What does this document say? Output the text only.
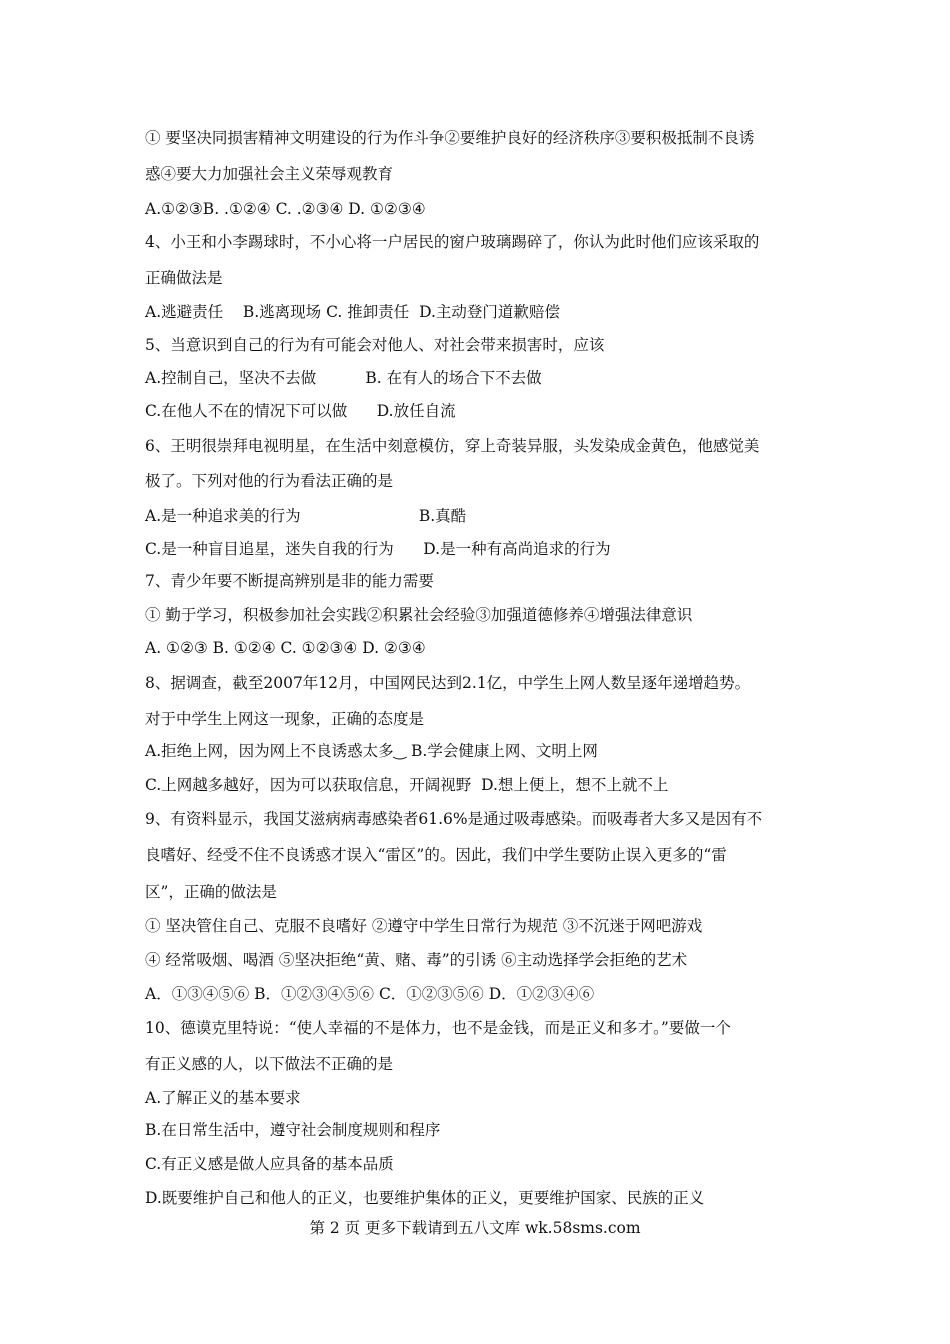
① 要坚决同损害精神文明建设的行为作斗争②要维护良好的经济秩序③要积极抵制不良诱
惑④要大力加强社会主义荣辱观教育
A.①②③B. .①②④ C. .②③④ D. ①②③④
4、小王和小李踢球时，不小心将一户居民的窗户玻璃踢碎了，你认为此时他们应该采取的
正确做法是
A.逃避责任    B.逃离现场 C. 推卸责任  D.主动登门道歉赔偿
5、当意识到自己的行为有可能会对他人、对社会带来损害时，应该
A.控制自己，坚决不去做          B. 在有人的场合下不去做
C.在他人不在的情况下可以做      D.放任自流
6、王明很崇拜电视明星，在生活中刻意模仿，穿上奇装异服，头发染成金黄色，他感觉美
极了。下列对他的行为看法正确的是
A.是一种追求美的行为                        B.真酷
C.是一种盲目追星，迷失自我的行为      D.是一种有高尚追求的行为
7、青少年要不断提高辨别是非的能力需要
① 勤于学习，积极参加社会实践②积累社会经验③加强道德修养④增强法律意识
A. ①②③ B. ①②④ C. ①②③④ D. ②③④
8、据调查，截至2007年12月，中国网民达到2.1亿，中学生上网人数呈逐年递增趋势。
对于中学生上网这一现象，正确的态度是
A.拒绝上网，因为网上不良诱惑太多‿ B.学会健康上网、文明上网
C.上网越多越好，因为可以获取信息，开阔视野  D.想上便上，想不上就不上
9、有资料显示，我国艾滋病病毒感染者61.6%是通过吸毒感染。而吸毒者大多又是因有不
良嗜好、经受不住不良诱惑才误入“雷区”的。因此，我们中学生要防止误入更多的“雷
区”，正确的做法是
① 坚决管住自己、克服不良嗜好 ②遵守中学生日常行为规范 ③不沉迷于网吧游戏
④ 经常吸烟、喝酒 ⑤坚决拒绝“黄、赌、毒”的引诱 ⑥主动选择学会拒绝的艺术
A．①③④⑤⑥ B．①②③④⑤⑥ C．①②③⑤⑥ D．①②③④⑥
10、德谟克里特说：“使人幸福的不是体力，也不是金钱，而是正义和多才。”要做一个
有正义感的人，以下做法不正确的是
A.了解正义的基本要求
B.在日常生活中，遵守社会制度规则和程序
C.有正义感是做人应具备的基本品质
D.既要维护自己和他人的正义，也要维护集体的正义，更要维护国家、民族的正义
第 2 页 更多下载请到五八文库 wk.58sms.com
